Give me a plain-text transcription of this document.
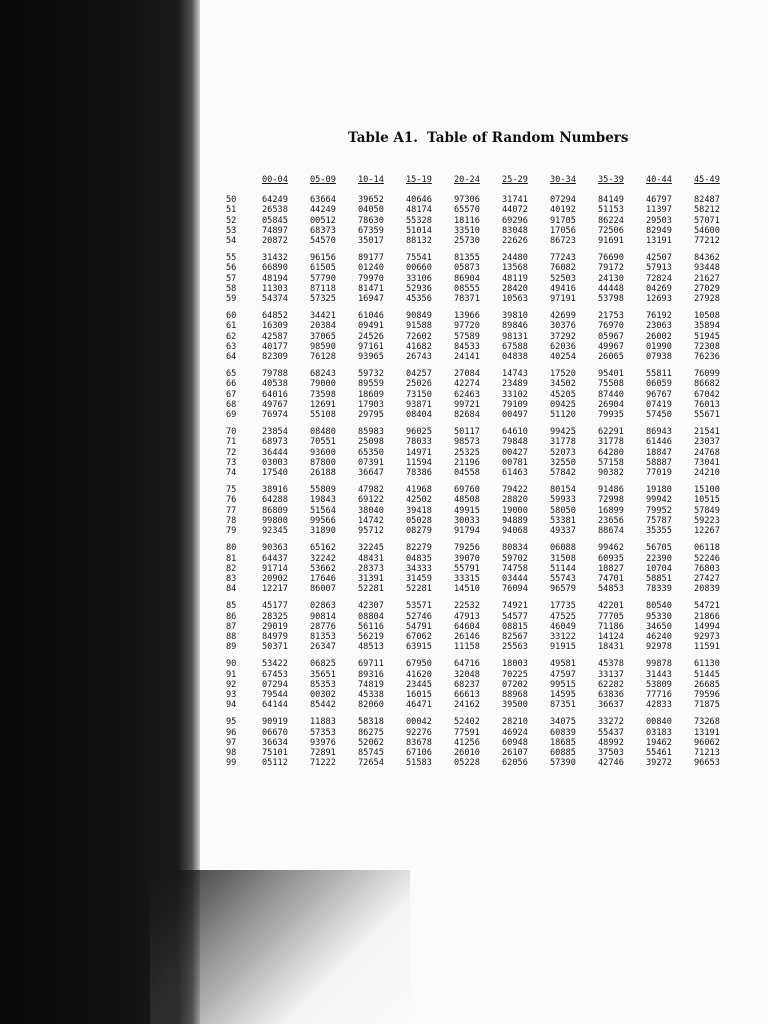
Table A1. Table of Random Numbers
00-04	05-09	10-14	15-19	20-24	25-29	30-34	35-39	40-44	45-49
50	64249	63664	39652	40646	97306	31741	07294	84149	46797	82487
51	26538	44249	04050	48174	65570	44072	40192	51153	11397	58212
52	05845	00512	78630	55328	18116	69296	91705	86224	29503	57071
53	74897	68373	67359	51014	33510	83048	17056	72506	82949	54600
54	20872	54570	35017	88132	25730	22626	86723	91691	13191	77212
55	31432	96156	89177	75541	81355	24480	77243	76690	42507	84362
56	66890	61505	01240	00660	05873	13568	76082	79172	57913	93448
57	48194	57790	79970	33106	86904	48119	52503	24130	72824	21627
58	11303	87118	81471	52936	08555	28420	49416	44448	04269	27029
59	54374	57325	16947	45356	78371	10563	97191	53798	12693	27928
60	64852	34421	61046	90849	13966	39810	42699	21753	76192	10508
61	16309	20384	09491	91588	97720	89846	30376	76970	23063	35894
62	42587	37065	24526	72602	57589	98131	37292	05967	26002	51945
63	40177	98590	97161	41682	84533	67588	62036	49967	01990	72308
64	82309	76128	93965	26743	24141	04838	40254	26065	07938	76236
65	79788	68243	59732	04257	27084	14743	17520	95401	55811	76099
66	40538	79000	89559	25026	42274	23489	34502	75508	06059	86682
67	64016	73598	18609	73150	62463	33102	45205	87440	96767	67042
68	49767	12691	17903	93871	99721	79109	09425	26904	07419	76013
69	76974	55108	29795	08404	82684	00497	51120	79935	57450	55671
70	23854	08480	85983	96025	50117	64610	99425	62291	86943	21541
71	68973	70551	25098	78033	98573	79848	31778	31778	61446	23037
72	36444	93600	65350	14971	25325	00427	52073	64280	18847	24768
73	03003	87800	07391	11594	21196	00781	32550	57158	58887	73041
74	17540	26188	36647	78386	04558	61463	57842	90382	77019	24210
75	38916	55809	47982	41968	69760	79422	80154	91486	19180	15100
76	64288	19843	69122	42502	48508	28820	59933	72998	99942	10515
77	86809	51564	38040	39418	49915	19000	58050	16899	79952	57849
78	99800	99566	14742	05028	30033	94889	53381	23656	75787	59223
79	92345	31890	95712	08279	91794	94068	49337	88674	35355	12267
80	90363	65162	32245	82279	79256	80834	06088	99462	56705	06118
81	64437	32242	48431	04835	39070	59702	31508	60935	22390	52246
82	91714	53662	28373	34333	55791	74758	51144	18827	10704	76803
83	20902	17646	31391	31459	33315	03444	55743	74701	58851	27427
84	12217	86007	52281	52281	14510	76094	96579	54853	78339	20839
85	45177	02863	42307	53571	22532	74921	17735	42201	80540	54721
86	28325	90814	08804	52746	47913	54577	47525	77705	95330	21866
87	29019	28776	56116	54791	64604	08815	46049	71186	34650	14994
88	84979	81353	56219	67062	26146	82567	33122	14124	46240	92973
89	50371	26347	48513	63915	11158	25563	91915	18431	92978	11591
90	53422	06825	69711	67950	64716	18003	49581	45378	99878	61130
91	67453	35651	89316	41620	32048	70225	47597	33137	31443	51445
92	07294	85353	74819	23445	68237	07202	99515	62282	53809	26685
93	79544	00302	45338	16015	66613	88968	14595	63836	77716	79596
94	64144	85442	82060	46471	24162	39500	87351	36637	42833	71875
95	90919	11883	58318	00042	52402	28210	34075	33272	00840	73268
96	06670	57353	86275	92276	77591	46924	60839	55437	03183	13191
97	36634	93976	52062	83678	41256	60948	18685	48992	19462	96062
98	75101	72891	85745	67106	26010	26107	60885	37503	55461	71213
99	05112	71222	72654	51583	05228	62056	57390	42746	39272	96653
